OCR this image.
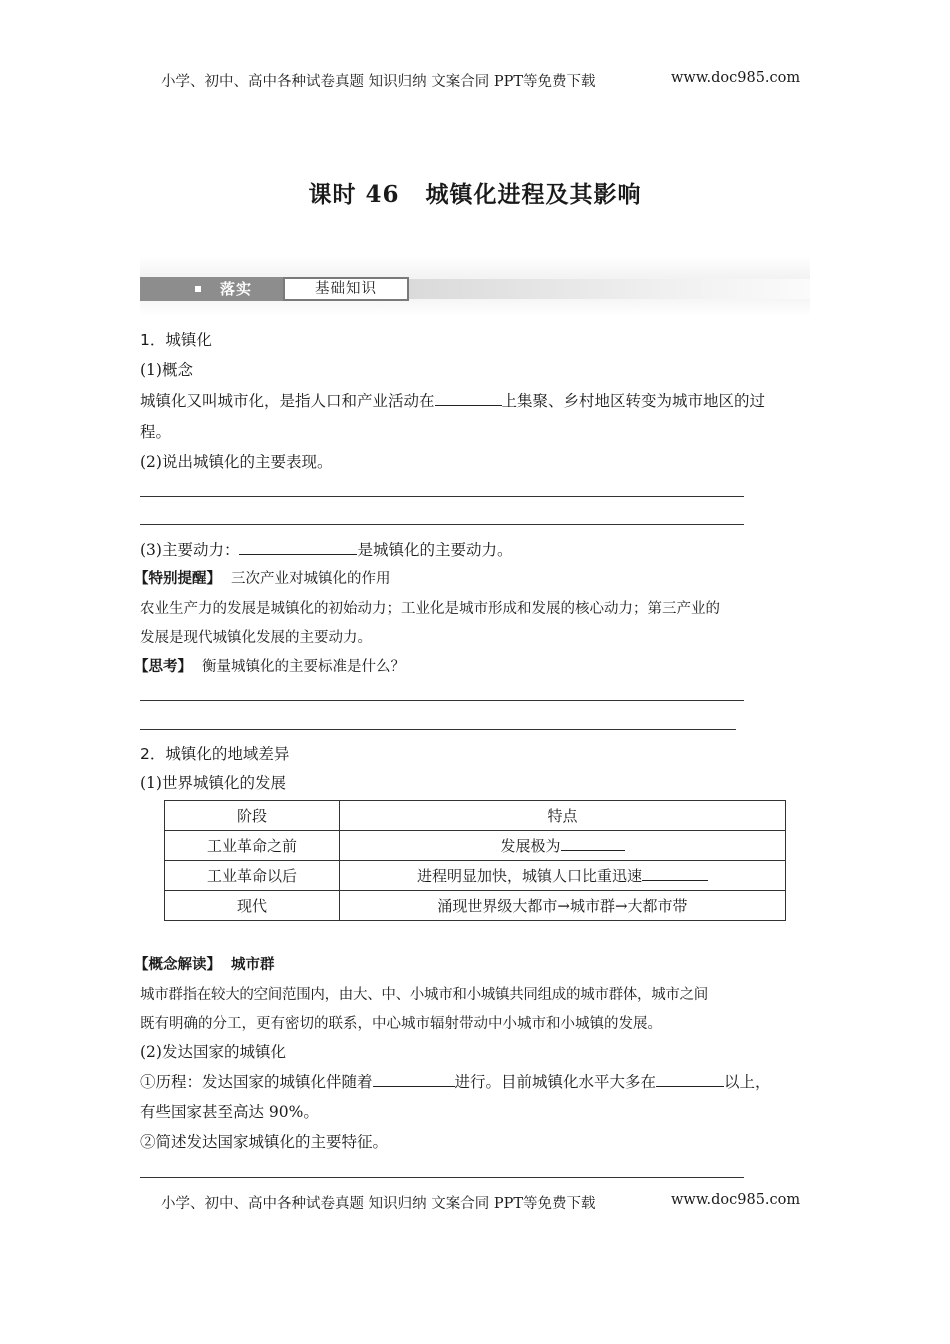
小学、初中、高中各种试卷真题 知识归纳 文案合同 PPT等免费下载	www.doc985.com
课时 46 城镇化进程及其影响
落实	基础知识
1．城镇化
(1)概念
城镇化又叫城市化，是指人口和产业活动在	上集聚、乡村地区转变为城市地区的过
程。
(2)说出城镇化的主要表现。
(3)主要动力：	是城镇化的主要动力。
【特别提醒】 三次产业对城镇化的作用
农业生产力的发展是城镇化的初始动力；工业化是城市形成和发展的核心动力；第三产业的
发展是现代城镇化发展的主要动力。
【思考】 衡量城镇化的主要标准是什么？
2．城镇化的地域差异
(1)世界城镇化的发展
阶段	特点
工业革命之前	发展极为
工业革命以后	进程明显加快，城镇人口比重迅速
现代	涌现世界级大都市→城市群→大都市带
【概念解读】 城市群
城市群指在较大的空间范围内，由大、中、小城市和小城镇共同组成的城市群体，城市之间
既有明确的分工，更有密切的联系，中心城市辐射带动中小城市和小城镇的发展。
(2)发达国家的城镇化
①历程：发达国家的城镇化伴随着	进行。目前城镇化水平大多在	以上，
有些国家甚至高达 90%。
②简述发达国家城镇化的主要特征。
小学、初中、高中各种试卷真题 知识归纳 文案合同 PPT等免费下载	www.doc985.com
